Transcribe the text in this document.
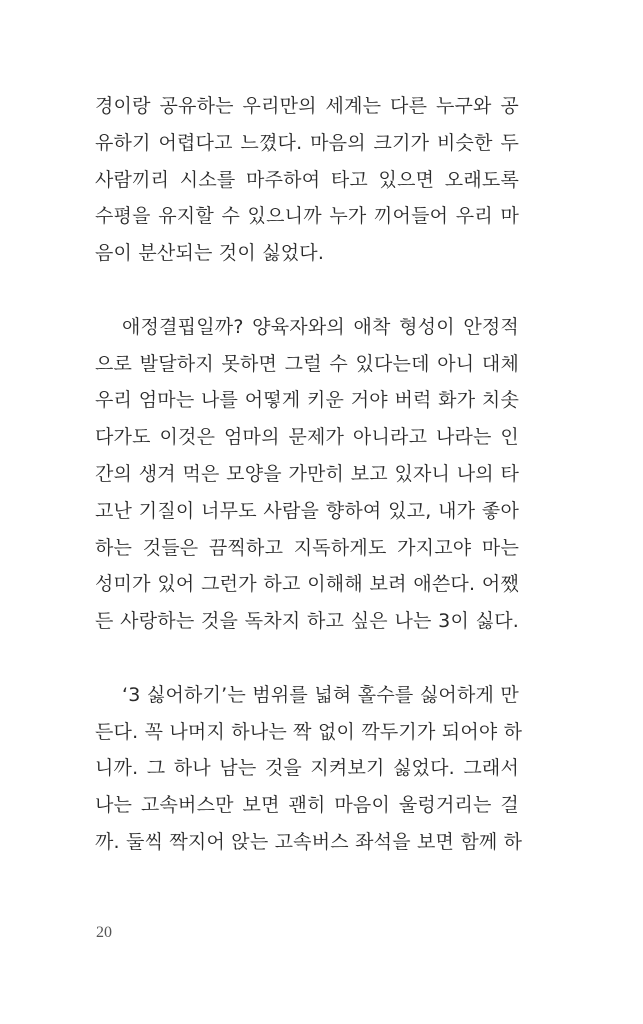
경이랑 공유하는 우리만의 세계는 다른 누구와 공
유하기 어렵다고 느꼈다. 마음의 크기가 비슷한 두
사람끼리 시소를 마주하여 타고 있으면 오래도록
수평을 유지할 수 있으니까 누가 끼어들어 우리 마
음이 분산되는 것이 싫었다.
애정결핍일까? 양육자와의 애착 형성이 안정적
으로 발달하지 못하면 그럴 수 있다는데 아니 대체
우리 엄마는 나를 어떻게 키운 거야 버럭 화가 치솟
다가도 이것은 엄마의 문제가 아니라고 나라는 인
간의 생겨 먹은 모양을 가만히 보고 있자니 나의 타
고난 기질이 너무도 사람을 향하여 있고, 내가 좋아
하는 것들은 끔찍하고 지독하게도 가지고야 마는
성미가 있어 그런가 하고 이해해 보려 애쓴다. 어쨌
든 사랑하는 것을 독차지 하고 싶은 나는 3이 싫다.
‘3 싫어하기’는 범위를 넓혀 홀수를 싫어하게 만
든다. 꼭 나머지 하나는 짝 없이 깍두기가 되어야 하
니까. 그 하나 남는 것을 지켜보기 싫었다. 그래서
나는 고속버스만 보면 괜히 마음이 울렁거리는 걸
까. 둘씩 짝지어 앉는 고속버스 좌석을 보면 함께 하
20
